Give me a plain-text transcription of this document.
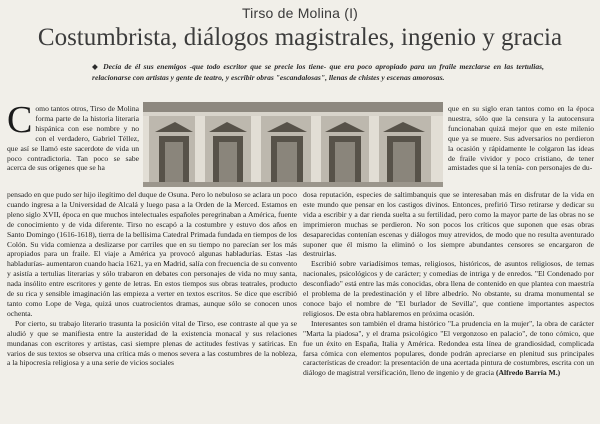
Tirso de Molina (I)
Costumbrista, diálogos magistrales, ingenio y gracia
◆ Decía de él sus enemigos -que todo escritor que se precie los tiene- que era poco apropiado para un fraile mezclarse en las tertulias, relacionarse con artistas y gente de teatro, y escribir obras "escandalosas", llenas de chistes y escenas amorosas.

Como tantos otros, Tirso de Molina forma parte de la historia literaria hispánica con ese nombre y no con el verdadero, Gabriel Téllez, que así se llamó este sacerdote de vida un poco contradictoria. Tan poco se sabe acerca de sus orígenes que se ha

que en su siglo eran tantos como en la época nuestra, sólo que la censura y la autocensura funcionaban quizá mejor que en este milenio que ya se muere. Sus adversarios no perdieron la ocasión y rápidamente le colgaron las ideas de fraile vividor y poco cristiano, de tener amistades que si la tenía- con personajes de du-

pensado en que pudo ser hijo ilegítimo del duque de Osuna. Pero lo nebuloso se aclara un poco cuando ingresa a la Universidad de Alcalá y luego pasa a la Orden de la Merced. Estamos en pleno siglo XVII, época en que muchos intelectuales españoles peregrinaban a América, fuente de conocimiento y de vida diferente. Tirso no escapó a la costumbre y estuvo dos años en Santo Domingo (1616-1618), tierra de la bellísima Catedral Primada fundada en tiempos de los Colón. Su vida comienza a deslizarse por carriles que en su tiempo no parecían ser los más apropiados para un fraile. El viaje a América ya provocó algunas habladurías. Estas -las habladurías- aumentaron cuando hacia 1621, ya en Madrid, salía con frecuencia de su convento y asistía a tertulias literarias y sólo trabaron en debates con personajes de vida no muy santa, nada insólito entre escritores y gente de letras. En estos tiempos sus obras teatrales, producto de su rica y sensible imaginación las empieza a verter en textos escritos. Se dice que escribió tanto como Lope de Vega, quizá unos cuatrocientos dramas, aunque sólo se conocen unos ochenta.

Por cierto, su trabajo literario trasunta la posición vital de Tirso, ese contraste al que ya se aludió y que se manifiesta entre la austeridad de la existencia monacal y sus relaciones mundanas con escritores y artistas, casi siempre plenas de actitudes festivas y satíricas. En varios de sus textos se observa una crítica más o menos severa a las costumbres de la nobleza, a la hipocresía religiosa y a una serie de vicios sociales

dosa reputación, especies de saltimbanquis que se interesaban más en disfrutar de la vida en este mundo que pensar en los castigos divinos. Entonces, prefirió Tirso retirarse y dedicar su vida a escribir y a dar rienda suelta a su fertilidad, pero como la mayor parte de las obras no se imprimieron muchas se perdieron. No son pocos los críticos que suponen que esas obras desaparecidas contenían escenas y diálogos muy atrevidos, de modo que no resulta aventurado suponer que él mismo la eliminó o los siempre abundantes censores se encargaron de destruirlas.

Escribió sobre variadísimos temas, religiosos, históricos, de asuntos religiosos, de temas nacionales, psicológicos y de carácter; y comedias de intriga y de enredos. "El Condenado por desconfiado" está entre las más conocidas, obra llena de contenido en que plantea con maestría el problema de la predestinación y el libre albedrío. No obstante, su drama monumental se conoce bajo el nombre de "El burlador de Sevilla", que contiene importantes aspectos religiosos. De esta obra hablaremos en próxima ocasión.

Interesantes son también el drama histórico "La prudencia en la mujer", la obra de carácter "Marta la piadosa", y el drama psicológico "El vergonzoso en palacio", de tono cómico, que fue un éxito en España, Italia y América. Redondea esta línea de grandiosidad, complicada farsa cómica con elementos populares, donde podrán apreciarse en plenitud sus principales características de creador: la presentación de una acertada pintura de costumbres, escrita con un diálogo de magistral versificación, lleno de ingenio y de gracia (Alfredo Barría M.)
